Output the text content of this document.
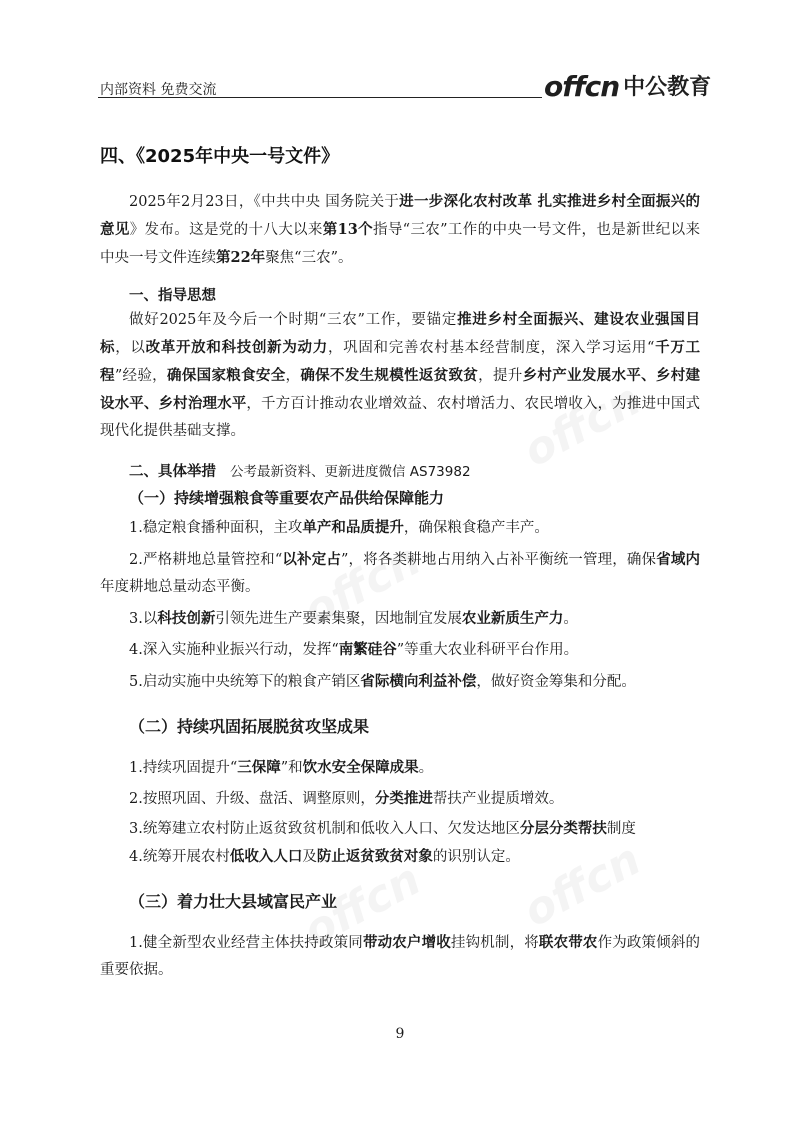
内部资料 免费交流	offcn 中公教育
四、《2025年中央一号文件》
2025年2月23日，《中共中央 国务院关于进一步深化农村改革 扎实推进乡村全面振兴的意见》发布。这是党的十八大以来第13个指导“三农”工作的中央一号文件，也是新世纪以来中央一号文件连续第22年聚焦“三农”。
一、指导思想
做好2025年及今后一个时期“三农”工作，要锚定推进乡村全面振兴、建设农业强国目标，以改革开放和科技创新为动力，巩固和完善农村基本经营制度，深入学习运用“千万工程”经验，确保国家粮食安全，确保不发生规模性返贫致贫，提升乡村产业发展水平、乡村建设水平、乡村治理水平，千方百计推动农业增效益、农村增活力、农民增收入，为推进中国式现代化提供基础支撑。
二、具体举措 公考最新资料、更新进度微信 AS73982
（一）持续增强粮食等重要农产品供给保障能力
1.稳定粮食播种面积，主攻单产和品质提升，确保粮食稳产丰产。
2.严格耕地总量管控和“以补定占”，将各类耕地占用纳入占补平衡统一管理，确保省域内年度耕地总量动态平衡。
3.以科技创新引领先进生产要素集聚，因地制宜发展农业新质生产力。
4.深入实施种业振兴行动，发挥“南繁硅谷”等重大农业科研平台作用。
5.启动实施中央统筹下的粮食产销区省际横向利益补偿，做好资金筹集和分配。
（二）持续巩固拓展脱贫攻坚成果
1.持续巩固提升“三保障”和饮水安全保障成果。
2.按照巩固、升级、盘活、调整原则，分类推进帮扶产业提质增效。
3.统筹建立农村防止返贫致贫机制和低收入人口、欠发达地区分层分类帮扶制度
4.统筹开展农村低收入人口及防止返贫致贫对象的识别认定。
（三）着力壮大县域富民产业
1.健全新型农业经营主体扶持政策同带动农户增收挂钩机制，将联农带农作为政策倾斜的重要依据。
9
